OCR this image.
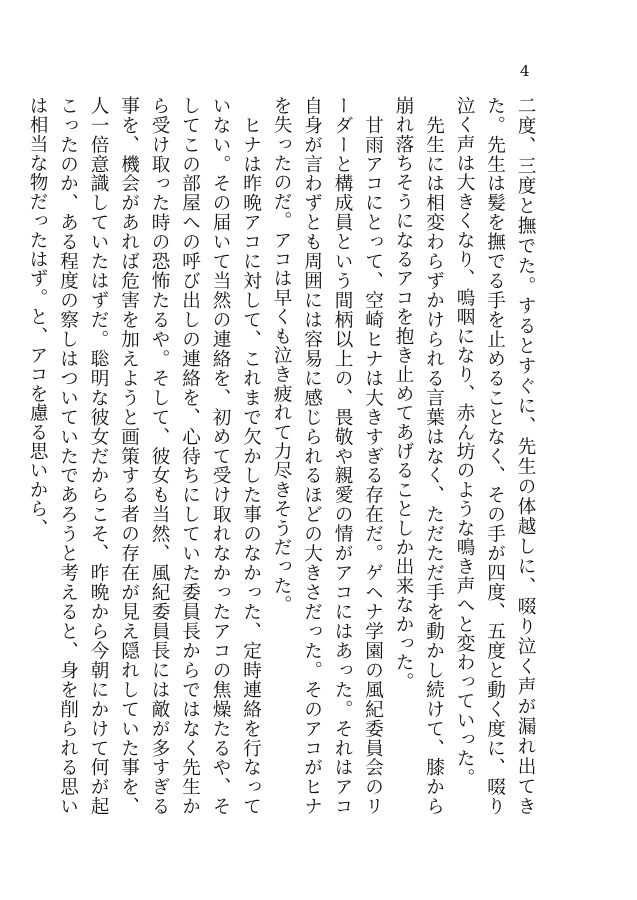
4

二度、三度と撫でた。するとすぐに、先生の体越しに、啜り泣く声が漏れ出てきた。先生は髪を撫でる手を止めることなく、その手が四度、五度と動く度に、啜り泣く声は大きくなり、嗚咽になり、赤ん坊のような鳴き声へと変わっていった。

　先生には相変わらずかけられる言葉はなく、ただただ手を動かし続けて、膝から崩れ落ちそうになるアコを抱き止めてあげることしか出来なかった。

　甘雨アコにとって、空崎ヒナは大きすぎる存在だ。ゲヘナ学園の風紀委員会のリーダーと構成員という間柄以上の、畏敬や親愛の情がアコにはあった。それはアコ自身が言わずとも周囲には容易に感じられるほどの大きさだった。そのアコがヒナを失ったのだ。アコは早くも泣き疲れて力尽きそうだった。

　ヒナは昨晩アコに対して、これまで欠かした事のなかった、定時連絡を行なっていない。その届いて当然の連絡を、初めて受け取れなかったアコの焦燥たるや、そしてこの部屋への呼び出しの連絡を、心待ちにしていた委員長からではなく先生から受け取った時の恐怖たるや。そして、彼女も当然、風紀委員長には敵が多すぎる事を、機会があれば危害を加えようと画策する者の存在が見え隠れしていた事を、人一倍意識していたはずだ。聡明な彼女だからこそ、昨晩から今朝にかけて何が起こったのか、ある程度の察しはついていたであろうと考えると、身を削られる思いは相当な物だったはず。と、アコを慮る思いから、
